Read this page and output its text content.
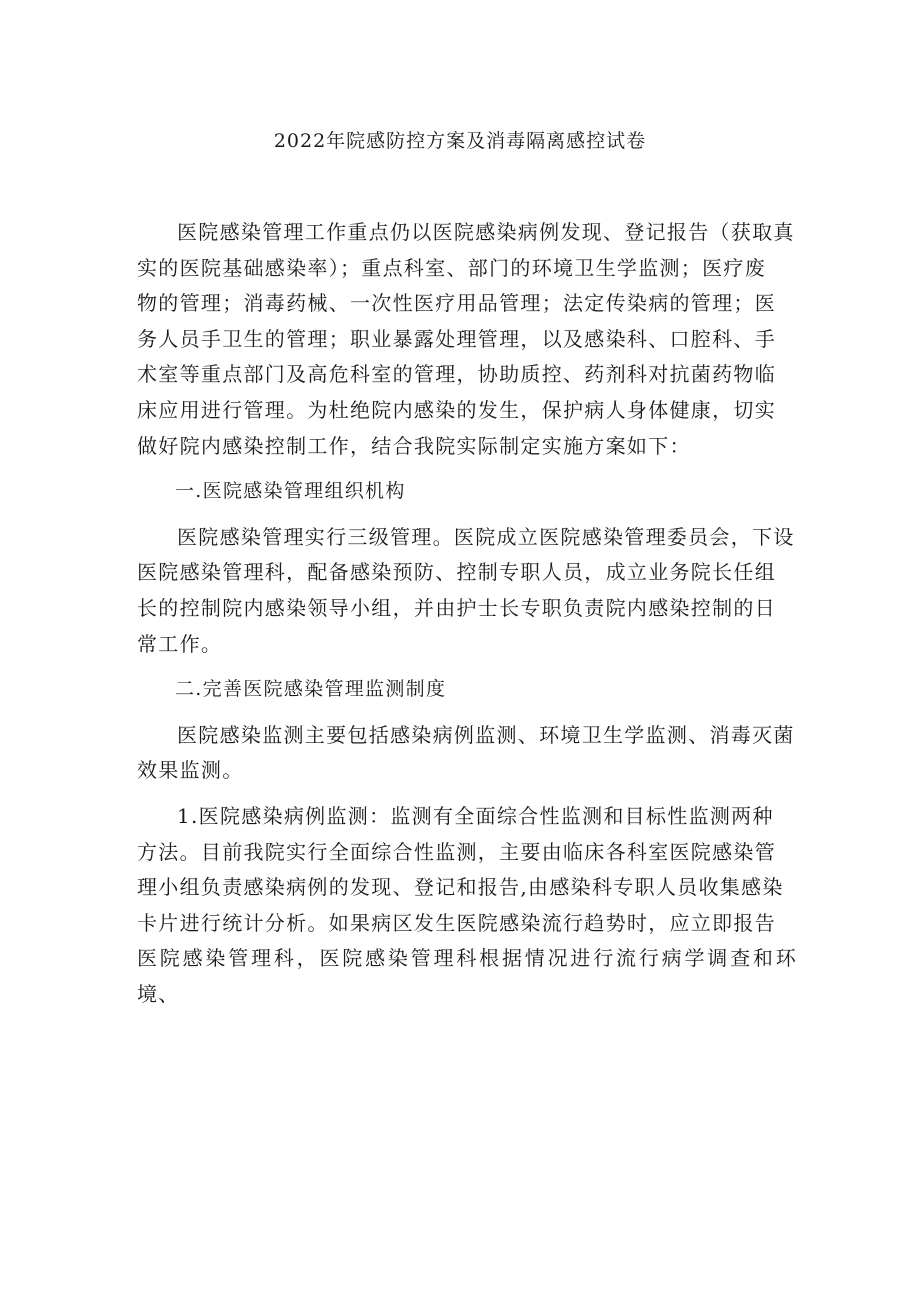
2022年院感防控方案及消毒隔离感控试卷

医院感染管理工作重点仍以医院感染病例发现、登记报告（获取真
实的医院基础感染率）；重点科室、部门的环境卫生学监测；医疗废
物的管理；消毒药械、一次性医疗用品管理；法定传染病的管理；医
务人员手卫生的管理；职业暴露处理管理，以及感染科、口腔科、手
术室等重点部门及高危科室的管理，协助质控、药剂科对抗菌药物临
床应用进行管理。为杜绝院内感染的发生，保护病人身体健康，切实
做好院内感染控制工作，结合我院实际制定实施方案如下：

一.医院感染管理组织机构

医院感染管理实行三级管理。医院成立医院感染管理委员会，下设
医院感染管理科，配备感染预防、控制专职人员，成立业务院长任组
长的控制院内感染领导小组，并由护士长专职负责院内感染控制的日
常工作。

二.完善医院感染管理监测制度

医院感染监测主要包括感染病例监测、环境卫生学监测、消毒灭菌
效果监测。

1.医院感染病例监测：监测有全面综合性监测和目标性监测两种
方法。目前我院实行全面综合性监测，主要由临床各科室医院感染管
理小组负责感染病例的发现、登记和报告,由感染科专职人员收集感染
卡片进行统计分析。如果病区发生医院感染流行趋势时，应立即报告
医院感染管理科，医院感染管理科根据情况进行流行病学调查和环境、
